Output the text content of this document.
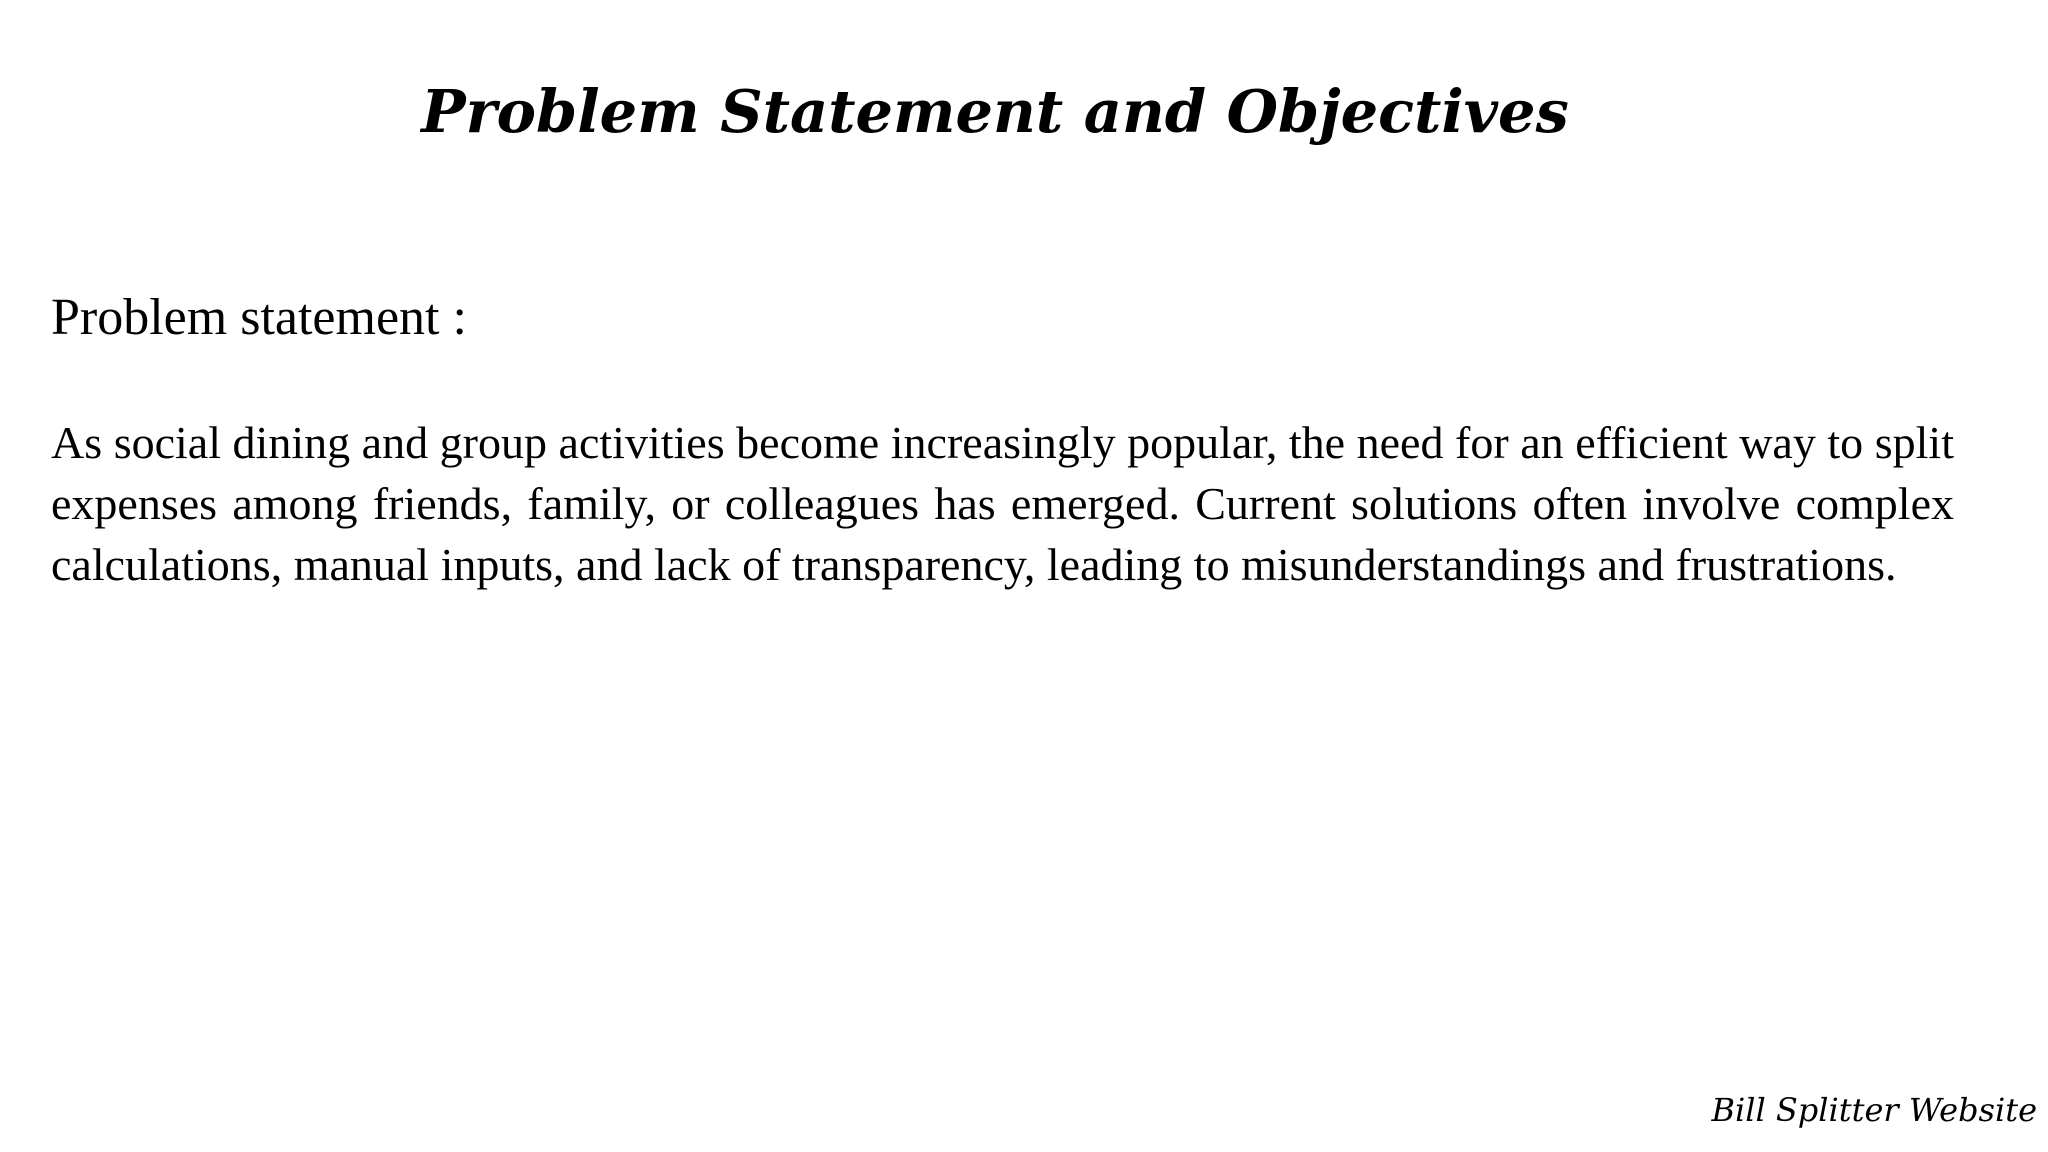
Problem Statement and Objectives
Problem statement :

As social dining and group activities become increasingly popular, the need for an efficient way to split expenses among friends, family, or colleagues has emerged. Current solutions often involve complex calculations, manual inputs, and lack of transparency, leading to misunderstandings and frustrations.

Bill Splitter Website
